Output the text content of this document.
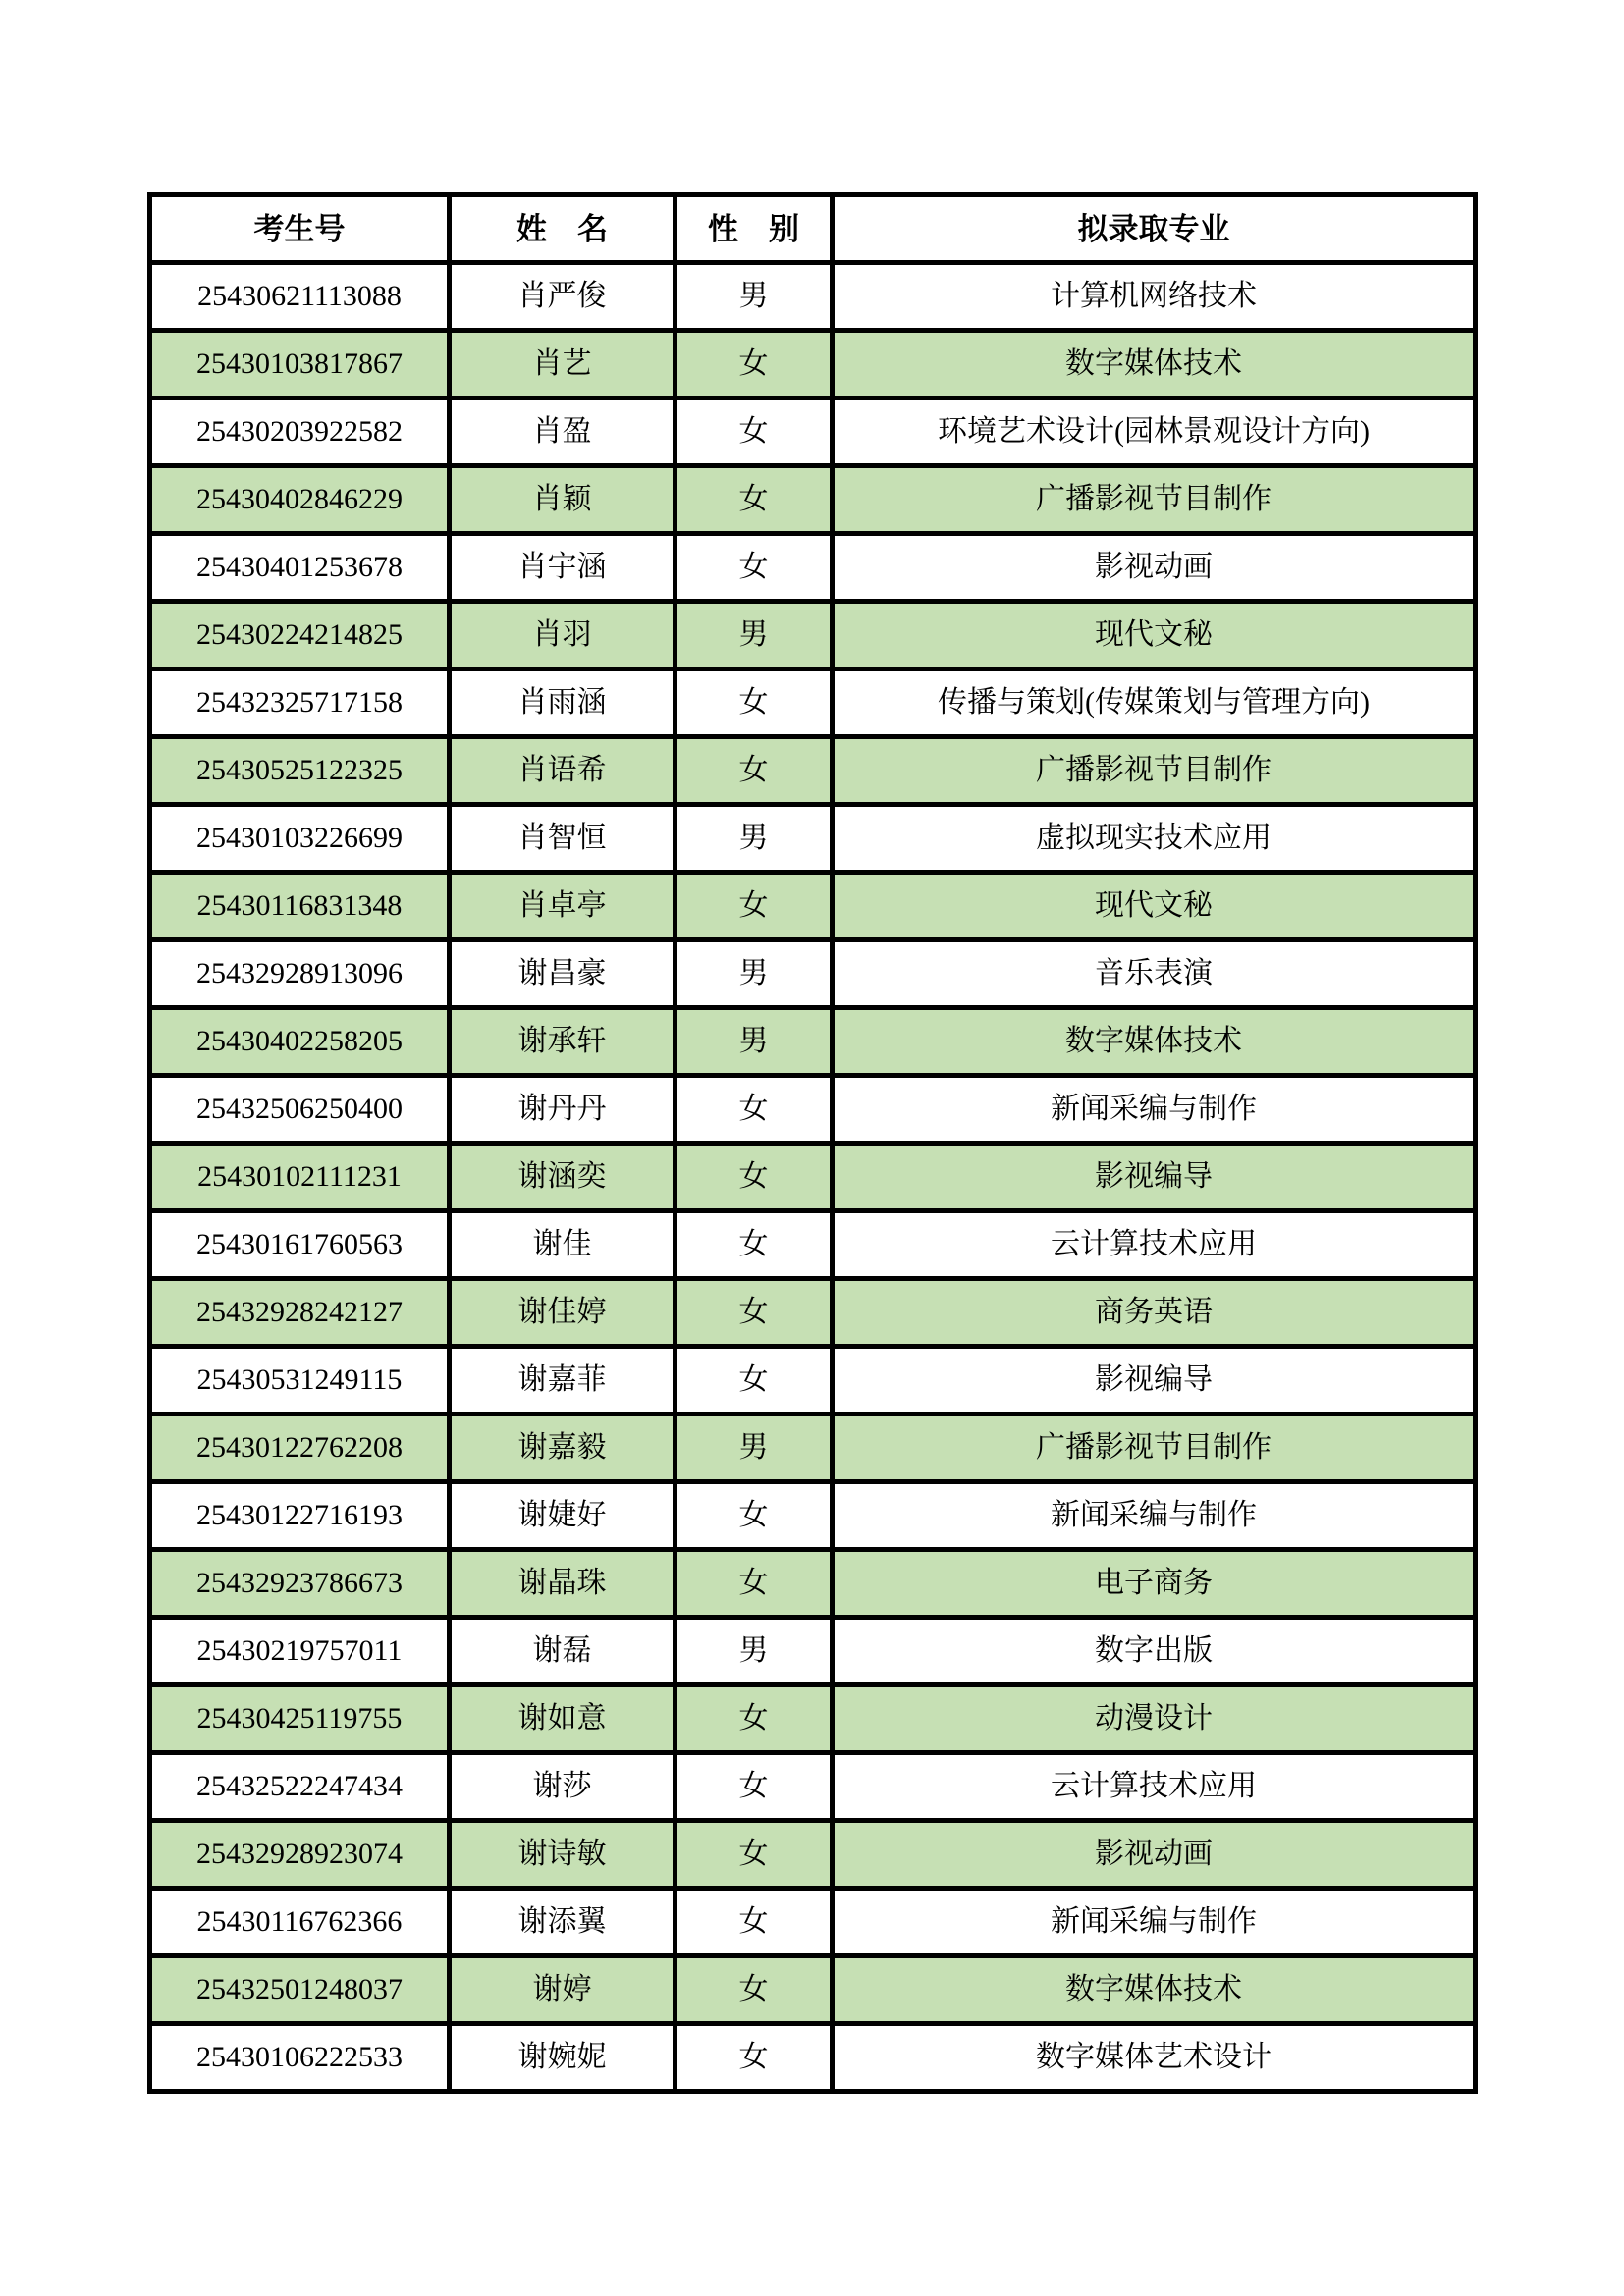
考生号	姓　名	性　别	拟录取专业
25430621113088	肖严俊	男	计算机网络技术
25430103817867	肖艺	女	数字媒体技术
25430203922582	肖盈	女	环境艺术设计(园林景观设计方向)
25430402846229	肖颖	女	广播影视节目制作
25430401253678	肖宇涵	女	影视动画
25430224214825	肖羽	男	现代文秘
25432325717158	肖雨涵	女	传播与策划(传媒策划与管理方向)
25430525122325	肖语希	女	广播影视节目制作
25430103226699	肖智恒	男	虚拟现实技术应用
25430116831348	肖卓亭	女	现代文秘
25432928913096	谢昌豪	男	音乐表演
25430402258205	谢承轩	男	数字媒体技术
25432506250400	谢丹丹	女	新闻采编与制作
25430102111231	谢涵奕	女	影视编导
25430161760563	谢佳	女	云计算技术应用
25432928242127	谢佳婷	女	商务英语
25430531249115	谢嘉菲	女	影视编导
25430122762208	谢嘉毅	男	广播影视节目制作
25430122716193	谢婕好	女	新闻采编与制作
25432923786673	谢晶珠	女	电子商务
25430219757011	谢磊	男	数字出版
25430425119755	谢如意	女	动漫设计
25432522247434	谢莎	女	云计算技术应用
25432928923074	谢诗敏	女	影视动画
25430116762366	谢添翼	女	新闻采编与制作
25432501248037	谢婷	女	数字媒体技术
25430106222533	谢婉妮	女	数字媒体艺术设计
